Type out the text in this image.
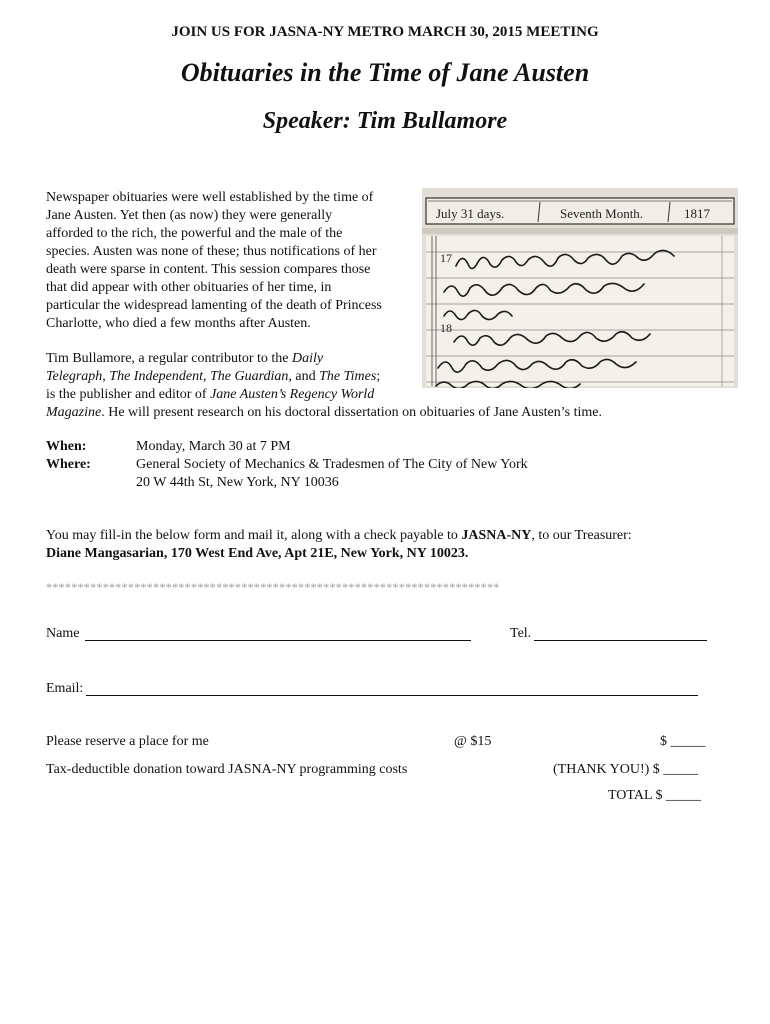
JOIN US FOR JASNA-NY METRO MARCH 30, 2015 MEETING
Obituaries in the Time of Jane Austen
Speaker: Tim Bullamore
Newspaper obituaries were well established by the time of
Jane Austen. Yet then (as now) they were generally
afforded to the rich, the powerful and the male of the
species. Austen was none of these; thus notifications of her
death were sparse in content. This session compares those
that did appear with other obituaries of her time, in
particular the widespread lamenting of the death of Princess
Charlotte, who died a few months after Austen.
July 31 days.	Seventh Month.	1817
17
18
Tim Bullamore, a regular contributor to the Daily
Telegraph, The Independent, The Guardian, and The Times;
is the publisher and editor of Jane Austen’s Regency World
Magazine. He will present research on his doctoral dissertation on obituaries of Jane Austen’s time.
When:	Monday, March 30 at 7 PM
Where:	General Society of Mechanics & Tradesmen of The City of New York
20 W 44th St, New York, NY 10036
You may fill-in the below form and mail it, along with a check payable to JASNA-NY, to our Treasurer:
Diane Mangasarian, 170 West End Ave, Apt 21E, New York, NY 10023.
************************************************************************
Name	Tel.
Email:
Please reserve a place for me	@ $15	$ _____
Tax-deductible donation toward JASNA-NY programming costs	(THANK YOU!) $ _____
TOTAL $ _____
